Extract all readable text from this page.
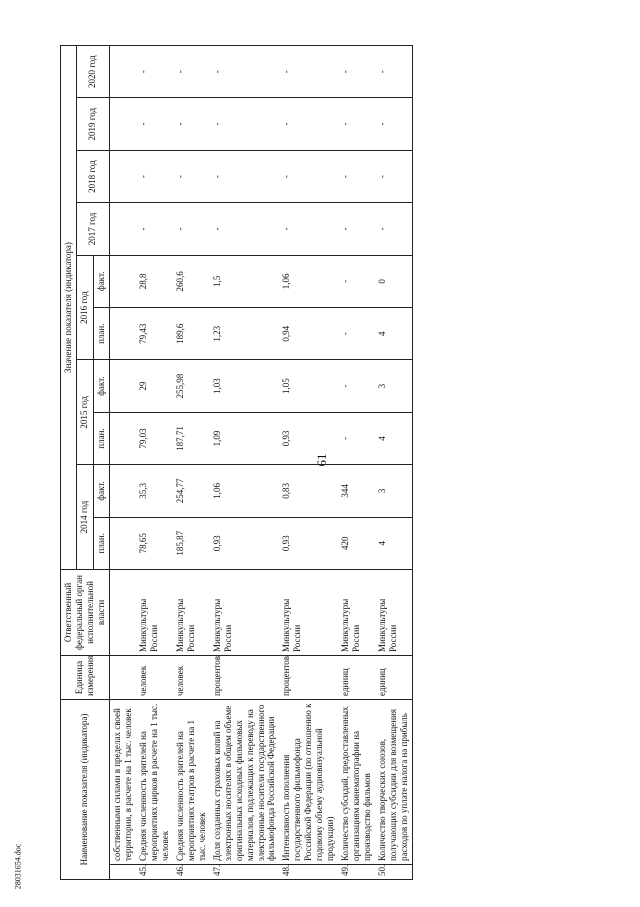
61
28031654.doc
Наименование показателя (индикатора)		Единица измерения	Ответственный федеральный орган исполнительной власти	Значение показателя (индикатора)									
				2014 год		2015 год		2016 год		2017 год	2018 год	2019 год	2020 год
				план.	факт.	план.	факт.	план.	факт.				
	собственными силами в пределах своей территории, в расчете на 1 тыс. человек												
45.	Средняя численность зрителей на мероприятиях цирков в расчете на 1 тыс. человек	человек	Минкультуры России	78,65	35,3	79,03	29	79,43	28,8	-	-	-	-
46.	Средняя численность зрителей на мероприятиях театров в расчете на 1 тыс. человек	человек	Минкультуры России	185,87	254,77	187,71	255,98	189,6	260,6	-	-	-	-
47.	Доля созданных страховых копий на электронных носителях в общем объеме оригинальных исходных фильмовых материалов, подлежащих к переводу на электронные носители государственного фильмофонда Российской Федерации	процентов	Минкультуры России	0,93	1,06	1,09	1,03	1,23	1,5	-	-	-	-
48.	Интенсивность пополнения государственного фильмофонда Российской Федерации (по отношению к годовому объему аудиовизуальной продукции)	процентов	Минкультуры России	0,93	0,83	0,93	1,05	0,94	1,06	-	-	-	-
49.	Количество субсидий, предоставленных организациям кинематографии на производство фильмов	единиц	Минкультуры России	420	344	-	-	-	-	-	-	-	-
50.	Количество творческих союзов, получающих субсидии для возмещения расходов по уплате налога на прибыль	единиц	Минкультуры России	4	3	4	3	4	0	-	-	-	-
